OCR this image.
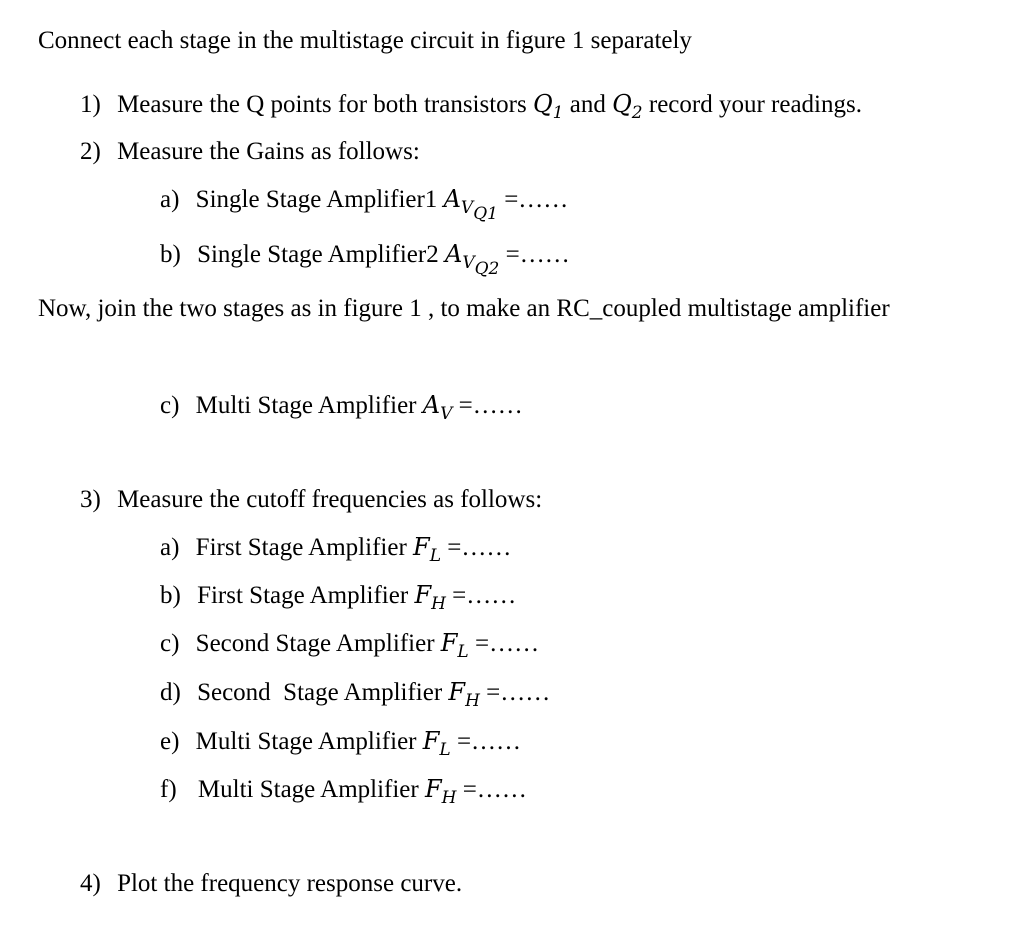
Connect each stage in the multistage circuit in figure 1 separately
1) Measure the Q points for both transistors $Q_1$ and $Q_2$ record your readings.
2) Measure the Gains as follows:
a) Single Stage Amplifier1 $A_{VQ1}$ =……
b) Single Stage Amplifier2 $A_{VQ2}$ =……
Now, join the two stages as in figure 1 , to make an RC_coupled multistage amplifier
c) Multi Stage Amplifier $A_V$ =……
3) Measure the cutoff frequencies as follows:
a) First Stage Amplifier $F_L$ =……
b) First Stage Amplifier $F_H$ =……
c) Second Stage Amplifier $F_L$ =……
d) Second  Stage Amplifier $F_H$ =……
e) Multi Stage Amplifier $F_L$ =……
f) Multi Stage Amplifier $F_H$ =……
4) Plot the frequency response curve.
